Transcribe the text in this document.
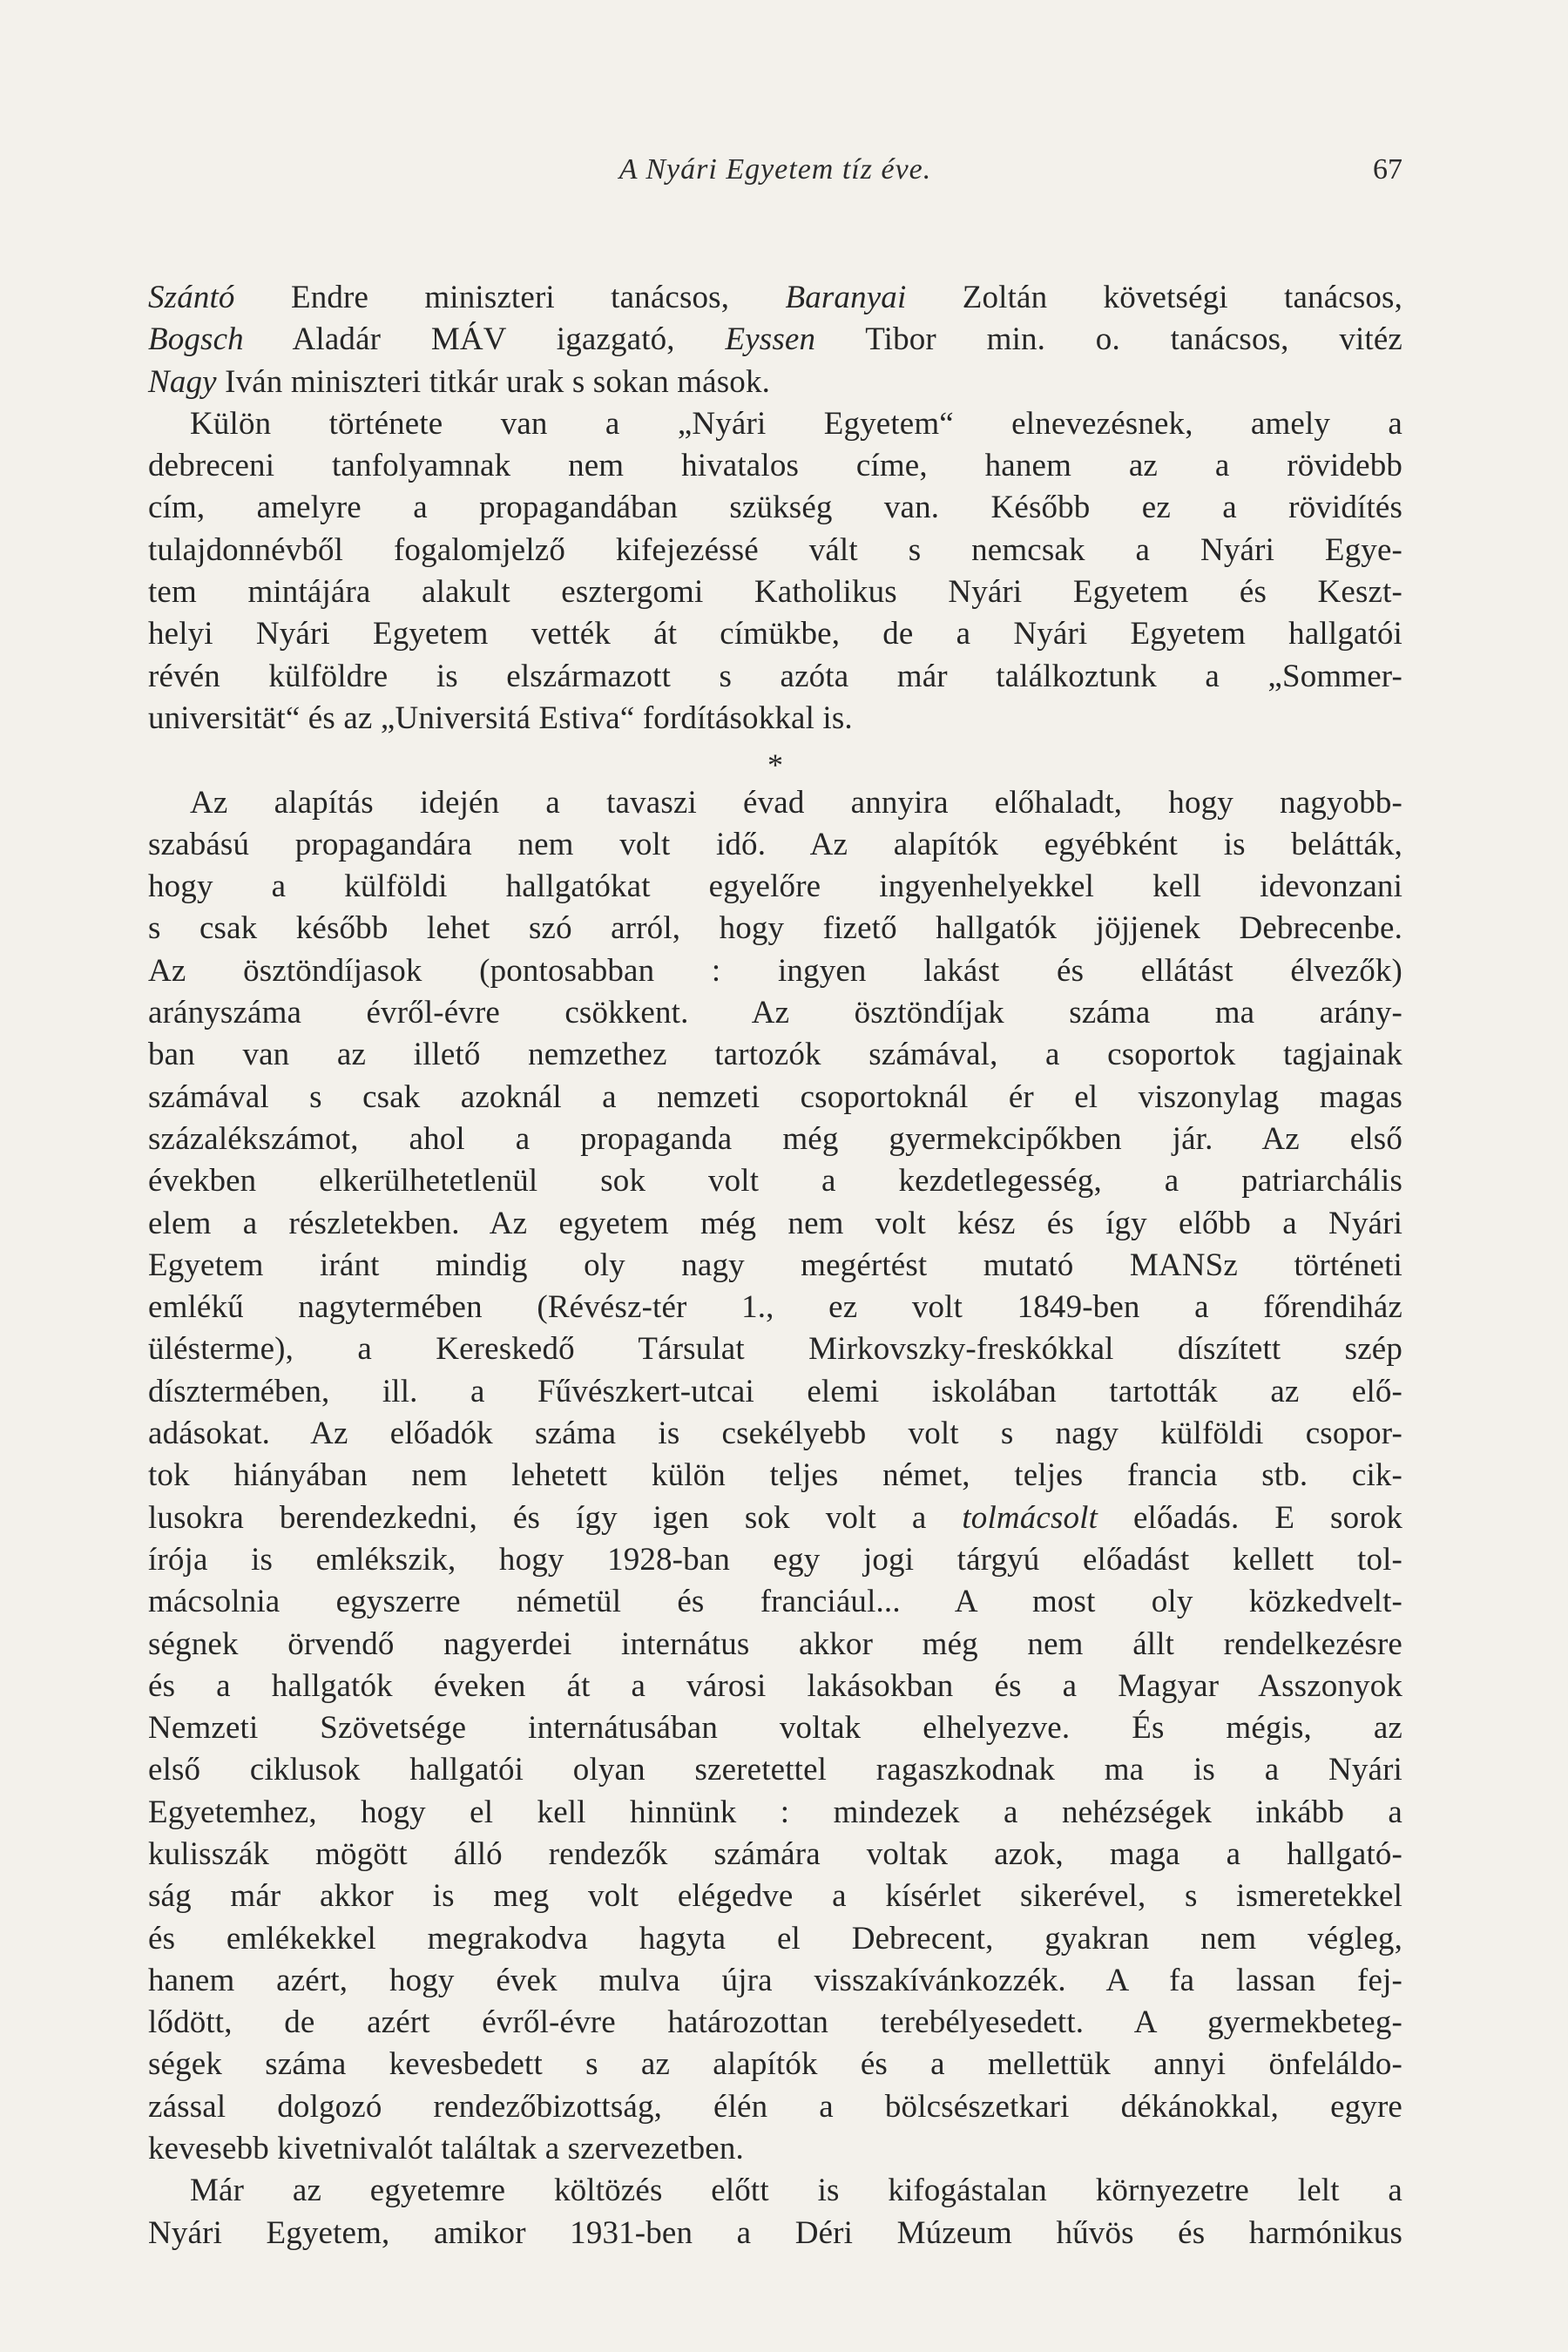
A Nyári Egyetem tíz éve.	67
Szántó Endre miniszteri tanácsos, Baranyai Zoltán követségi tanácsos,
Bogsch Aladár MÁV igazgató, Eyssen Tibor min. o. tanácsos, vitéz
Nagy Iván miniszteri titkár urak s sokan mások.
Külön története van a „Nyári Egyetem“ elnevezésnek, amely a
debreceni tanfolyamnak nem hivatalos címe, hanem az a rövidebb
cím, amelyre a propagandában szükség van. Később ez a rövidítés
tulajdonnévből fogalomjelző kifejezéssé vált s nemcsak a Nyári Egye-
tem mintájára alakult esztergomi Katholikus Nyári Egyetem és Keszt-
helyi Nyári Egyetem vették át címükbe, de a Nyári Egyetem hallgatói
révén külföldre is elszármazott s azóta már találkoztunk a „Sommer-
universität“ és az „Universitá Estiva“ fordításokkal is.
*
Az alapítás idején a tavaszi évad annyira előhaladt, hogy nagyobb-
szabású propagandára nem volt idő. Az alapítók egyébként is belátták,
hogy a külföldi hallgatókat egyelőre ingyenhelyekkel kell idevonzani
s csak később lehet szó arról, hogy fizető hallgatók jöjjenek Debrecenbe.
Az ösztöndíjasok (pontosabban : ingyen lakást és ellátást élvezők)
arányszáma évről-évre csökkent. Az ösztöndíjak száma ma arány-
ban van az illető nemzethez tartozók számával, a csoportok tagjainak
számával s csak azoknál a nemzeti csoportoknál ér el viszonylag magas
százalékszámot, ahol a propaganda még gyermekcipőkben jár. Az első
években elkerülhetetlenül sok volt a kezdetlegesség, a patriarchális
elem a részletekben. Az egyetem még nem volt kész és így előbb a Nyári
Egyetem iránt mindig oly nagy megértést mutató MANSz történeti
emlékű nagytermében (Révész-tér 1., ez volt 1849-ben a főrendiház
ülésterme), a Kereskedő Társulat Mirkovszky-freskókkal díszített szép
dísztermében, ill. a Fűvészkert-utcai elemi iskolában tartották az elő-
adásokat. Az előadók száma is csekélyebb volt s nagy külföldi csopor-
tok hiányában nem lehetett külön teljes német, teljes francia stb. cik-
lusokra berendezkedni, és így igen sok volt a tolmácsolt előadás. E sorok
írója is emlékszik, hogy 1928-ban egy jogi tárgyú előadást kellett tol-
mácsolnia egyszerre németül és franciául... A most oly közkedvelt-
ségnek örvendő nagyerdei internátus akkor még nem állt rendelkezésre
és a hallgatók éveken át a városi lakásokban és a Magyar Asszonyok
Nemzeti Szövetsége internátusában voltak elhelyezve. És mégis, az
első ciklusok hallgatói olyan szeretettel ragaszkodnak ma is a Nyári
Egyetemhez, hogy el kell hinnünk : mindezek a nehézségek inkább a
kulisszák mögött álló rendezők számára voltak azok, maga a hallgató-
ság már akkor is meg volt elégedve a kísérlet sikerével, s ismeretekkel
és emlékekkel megrakodva hagyta el Debrecent, gyakran nem végleg,
hanem azért, hogy évek mulva újra visszakívánkozzék. A fa lassan fej-
lődött, de azért évről-évre határozottan terebélyesedett. A gyermekbeteg-
ségek száma kevesbedett s az alapítók és a mellettük annyi önfeláldo-
zással dolgozó rendezőbizottság, élén a bölcsészetkari dékánokkal, egyre
kevesebb kivetnivalót találtak a szervezetben.
Már az egyetemre költözés előtt is kifogástalan környezetre lelt a
Nyári Egyetem, amikor 1931-ben a Déri Múzeum hűvös és harmónikus
